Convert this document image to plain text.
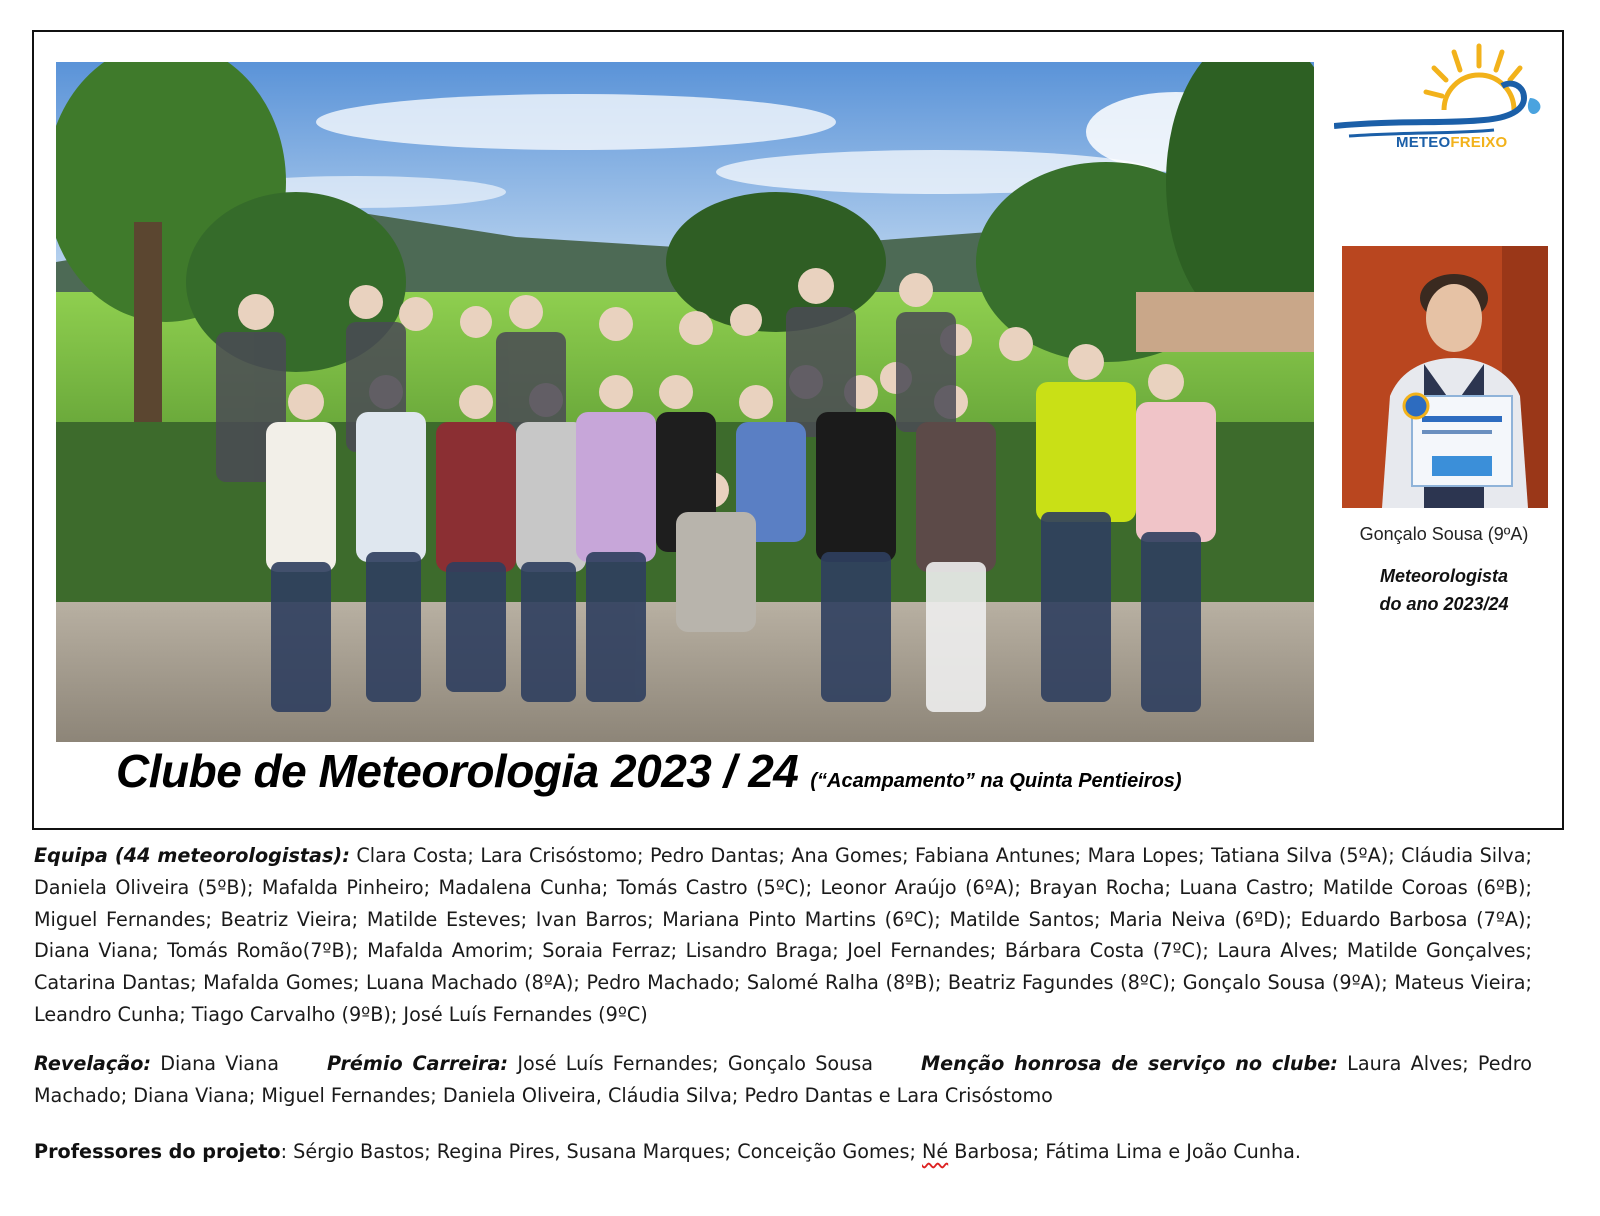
METEOFREIXO
Gonçalo Sousa (9ºA)
Meteorologista
do ano 2023/24
Clube de Meteorologia 2023 / 24 (“Acampamento” na Quinta Pentieiros)
Equipa (44 meteorologistas): Clara Costa; Lara Crisóstomo; Pedro Dantas; Ana Gomes; Fabiana Antunes; Mara Lopes; Tatiana Silva (5ºA); Cláudia Silva; Daniela Oliveira (5ºB); Mafalda Pinheiro; Madalena Cunha; Tomás Castro (5ºC); Leonor Araújo (6ºA); Brayan Rocha; Luana Castro; Matilde Coroas (6ºB); Miguel Fernandes; Beatriz Vieira; Matilde Esteves; Ivan Barros; Mariana Pinto Martins (6ºC); Matilde Santos; Maria Neiva (6ºD); Eduardo Barbosa (7ºA); Diana Viana; Tomás Romão(7ºB); Mafalda Amorim; Soraia Ferraz; Lisandro Braga; Joel Fernandes; Bárbara Costa (7ºC); Laura Alves; Matilde Gonçalves; Catarina Dantas; Mafalda Gomes; Luana Machado (8ºA); Pedro Machado; Salomé Ralha (8ºB); Beatriz Fagundes (8ºC); Gonçalo Sousa (9ºA); Mateus Vieira; Leandro Cunha; Tiago Carvalho (9ºB); José Luís Fernandes (9ºC)
Revelação: Diana Viana	Prémio Carreira: José Luís Fernandes; Gonçalo Sousa	Menção honrosa de serviço no clube: Laura Alves; Pedro Machado; Diana Viana; Miguel Fernandes; Daniela Oliveira, Cláudia Silva; Pedro Dantas e Lara Crisóstomo
Professores do projeto: Sérgio Bastos; Regina Pires, Susana Marques; Conceição Gomes; Né Barbosa; Fátima Lima e João Cunha.
